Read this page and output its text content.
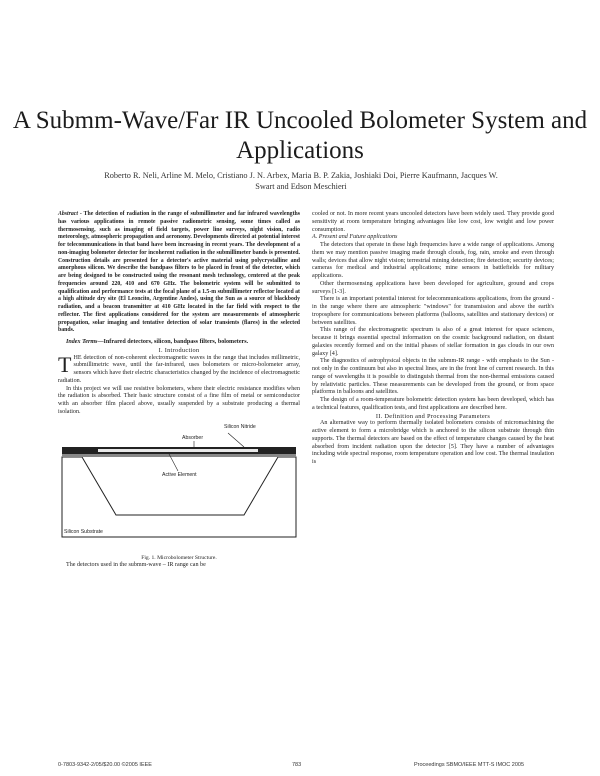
A Submm-Wave/Far IR Uncooled Bolometer System and Applications
Roberto R. Neli, Arline M. Melo, Cristiano J. N. Arbex, Maria B. P. Zakia, Joshiaki Doi, Pierre Kaufmann, Jacques W. Swart and Edson Meschieri

Abstract - The detection of radiation in the range of submillimeter and far infrared wavelengths has various applications in remote passive radiometric sensing, some times called as thermosensing, such as imaging of field targets, power line surveys, night vision, radio meteorology, atmospheric propagation and aeronomy. Developments directed at potential interest for telecommunications in that band have been increasing in recent years. The development of a non-imaging bolometer detector for incoherent radiation in the submillimeter bands is presented. Construction details are presented for a detector's active material using polycrystalline and amorphous silicon. We describe the bandpass filters to be placed in front of the detector, which are being designed to be constructed using the resonant mesh technology, centered at the peak frequencies around 220, 410 and 670 GHz. The bolometric system will be submitted to qualification and performance tests at the focal plane of a 1.5-m submillimeter reflector located at a high altitude dry site (El Leoncito, Argentine Andes), using the Sun as a source of blackbody radiation, and a beacon transmitter at 410 GHz located in the far field with respect to the reflector. The first applications considered for the system are measurements of atmospheric propagation, solar imaging and tentative detection of solar transients (flares) in the selected bands.

Index Terms—Infrared detectors, silicon, bandpass filters, bolometers.

I. Introduction

THE detection of non-coherent electromagnetic waves in the range that includes millimetric, submillimetric wave, until the far-infrared, uses bolometers or micro-bolometer array, sensors which have their electric characteristics changed by the incidence of electromagnetic radiation.

In this project we will use resistive bolometers, where their electric resistance modifies when the radiation is absorbed. Their basic structure consist of a fine film of metal or semiconductor with an absorber film placed above, usually suspended by a substrate producing a thermal isolation.

Silicon Nitride
Absorber
Active Element
Silicon Substrate

Fig. 1. Microbolometer Structure.

The detectors used in the submm-wave – IR range can be

cooled or not. In more recent years uncooled detectors have been widely used. They provide good sensitivity at room temperature bringing advantages like low cost, low weight and low power consumption.

A. Present and Future applications

The detectors that operate in these high frequencies have a wide range of applications. Among them we may mention passive imaging made through clouds, fog, rain, smoke and even through walls; devices that allow night vision; terrestrial mining detection; fire detection; security devices; cameras for medical and industrial applications; mine sensors in battlefields for military applications.

Other thermosensing applications have been developed for agriculture, ground and crops surveys [1-3].

There is an important potential interest for telecommunications applications, from the ground - in the range where there are atmospheric "windows" for transmission and above the earth's troposphere for communications between platforms (balloons, satellites and stationary devices) or between satellites.

This range of the electromagnetic spectrum is also of a great interest for space sciences, because it brings essential spectral information on the cosmic background radiation, on distant galaxies recently formed and on the initial phases of stellar formation in gas clouds in our own galaxy [4].

The diagnostics of astrophysical objects in the submm-IR range - with emphasis to the Sun - not only in the continuum but also in spectral lines, are in the front line of current research. In this range of wavelengths it is possible to distinguish thermal from the non-thermal emissions caused by relativistic particles. These measurements can be developed from the ground, or from space platforms in balloons and satellites.

The design of a room-temperature bolometric detection system has been developed, which has a technical features, qualification tests, and first applications are described here.

II. Definition and Processing Parameters

An alternative way to perform thermally isolated bolometers consists of micromachining the active element to form a microbridge which is anchored to the silicon substrate through thin supports. The thermal detectors are based on the effect of temperature changes caused by the heat absorbed from incident radiation upon the detector [5]. They have a number of advantages including wide spectral response, room temperature operation and low cost. The thermal insulation is

0-7803-9342-2/05/$20.00 ©2005 IEEE	783	Proceedings SBMO/IEEE MTT-S IMOC 2005
